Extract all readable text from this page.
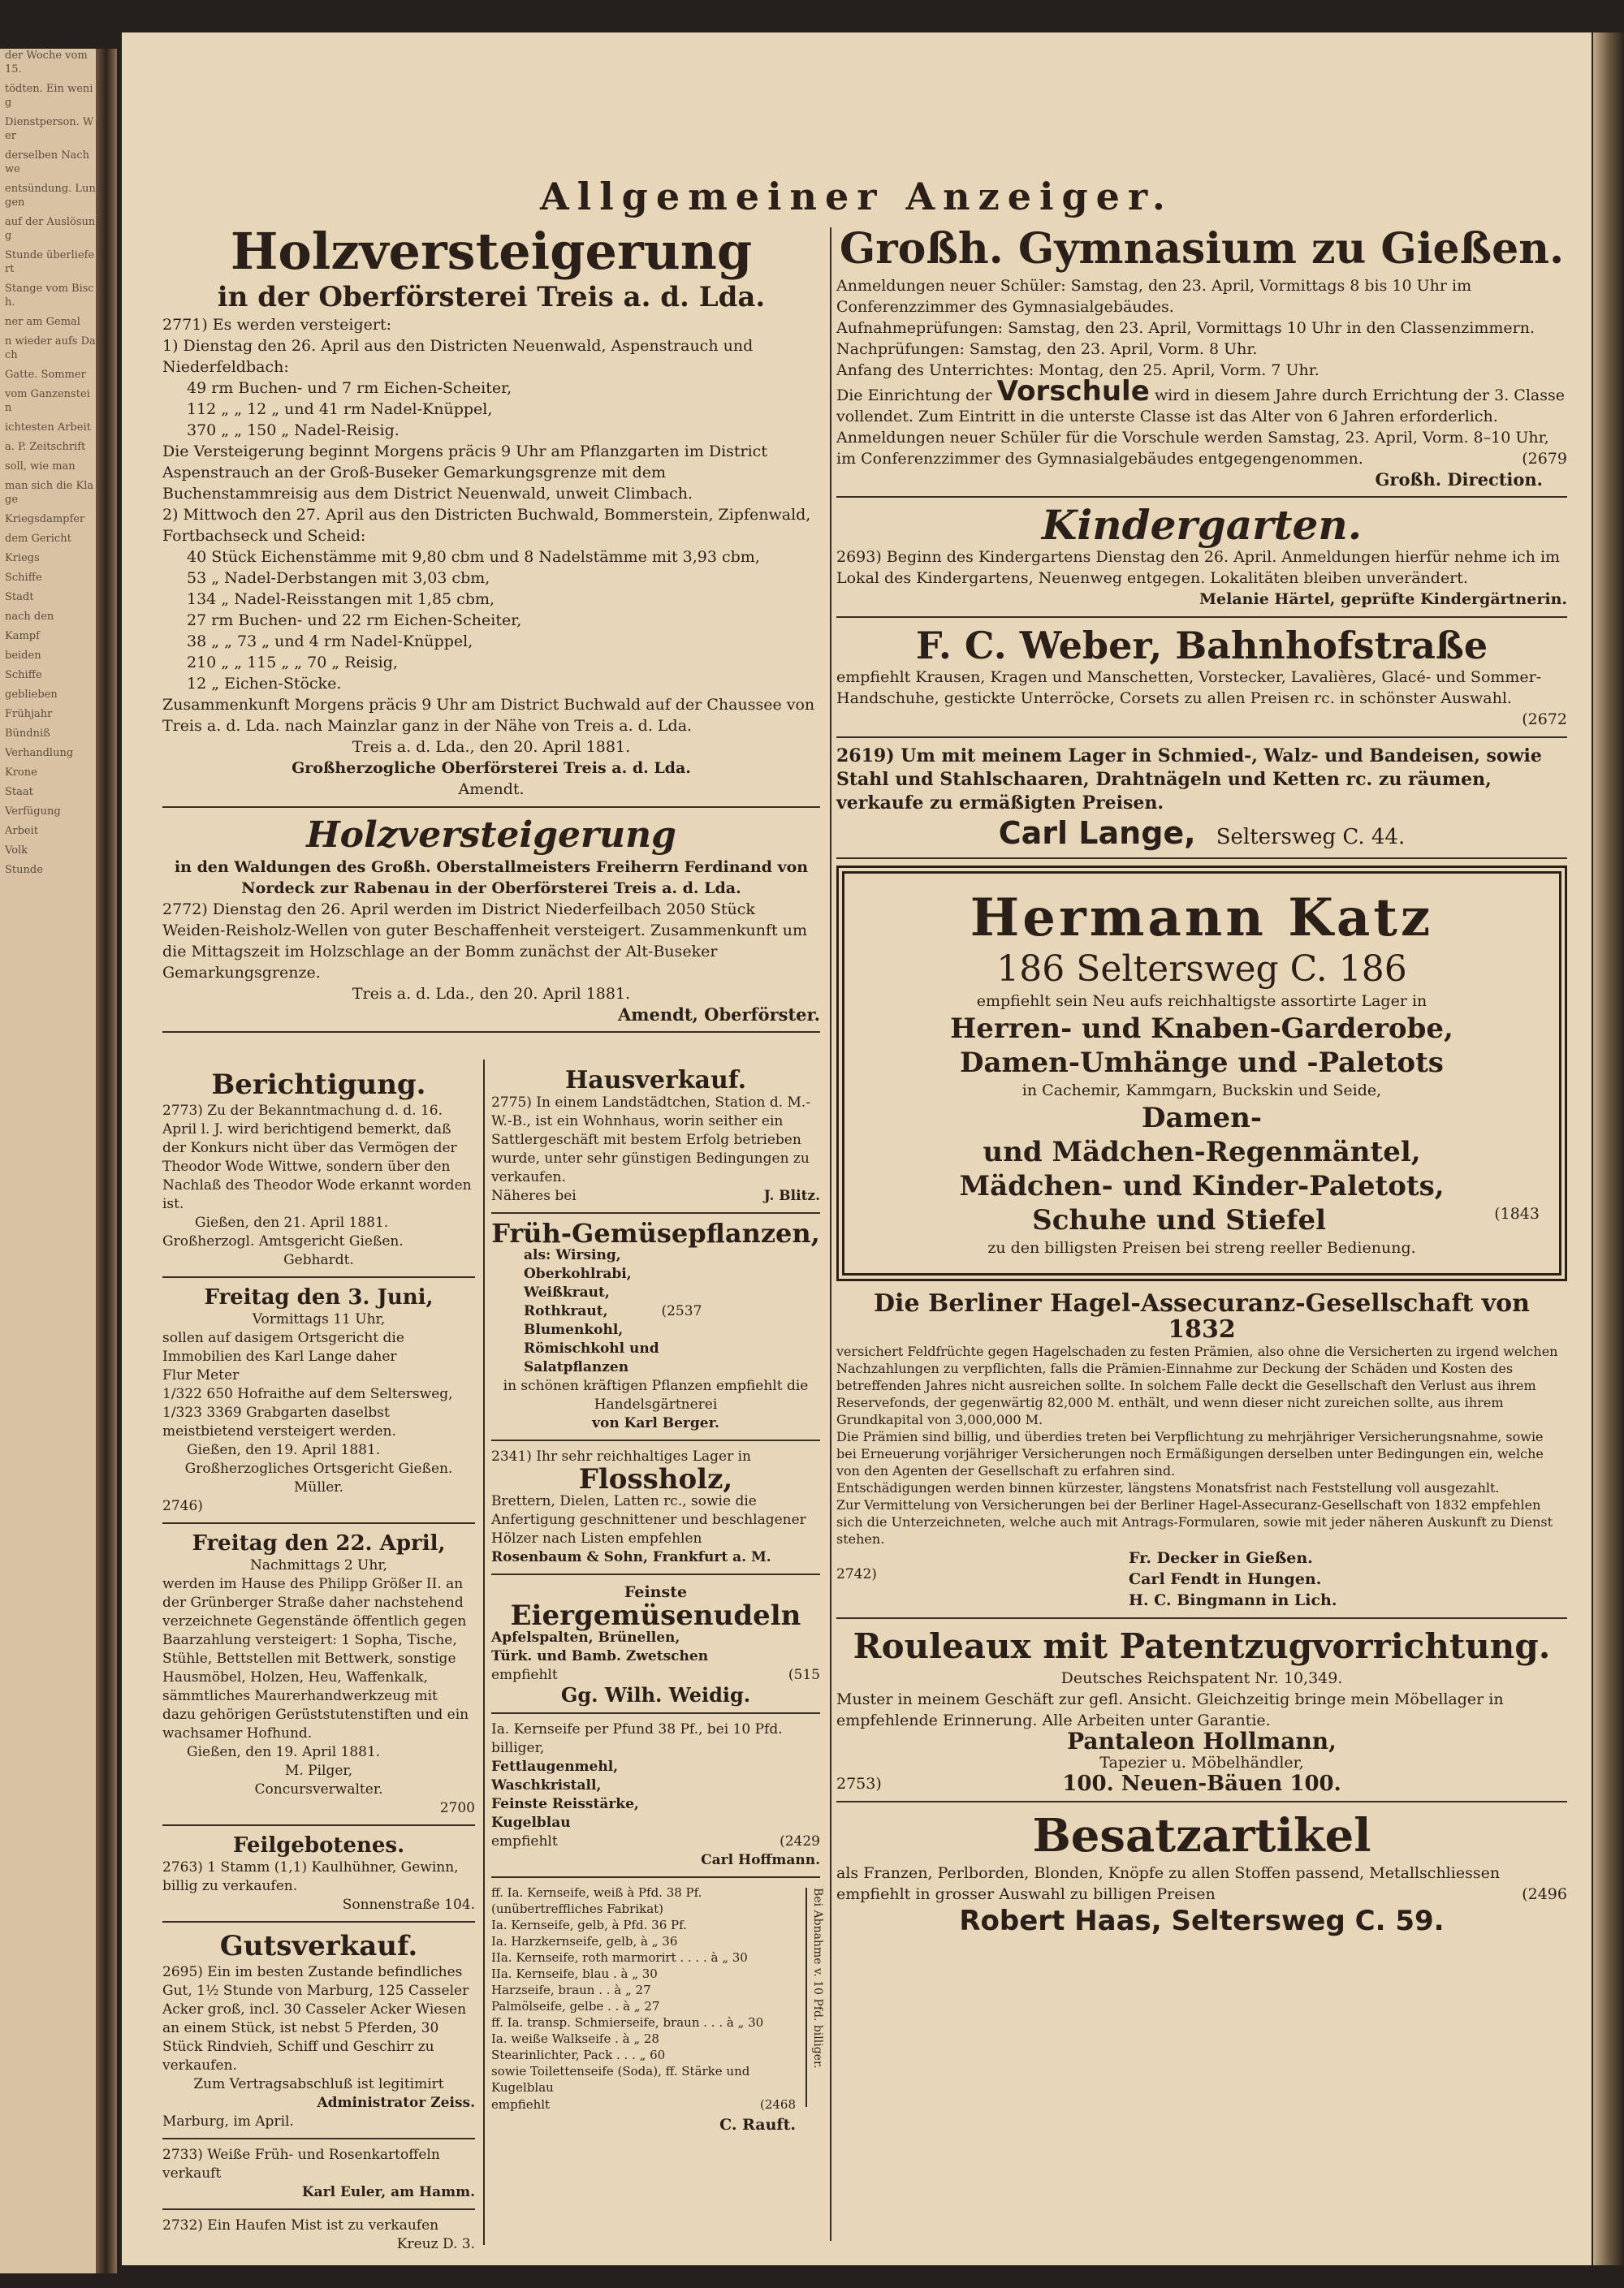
der Woche vom 15.

tödten. Ein wenig

Dienstperson. Wer

derselben Nachwe

entsündung. Lungen

auf der Auslösung

Stunde überliefert

Stange vom Bisch.

ner am Gemal

n wieder aufs Dach

Gatte. Sommer

vom Ganzenstein

ichtesten Arbeit

a. P. Zeitschrift

soll, wie man

man sich die Klage

Kriegsdampfer

dem Gericht

Kriegs

Schiffe

Stadt

nach den

Kampf

beiden

Schiffe

geblieben

Frühjahr

Bündniß

Verhandlung

Krone

Staat

Verfügung

Arbeit

Volk

Stunde

Allgemeiner Anzeiger.
Holzversteigerung
in der Oberförsterei Treis a. d. Lda.
2771) Es werden versteigert:
1) Dienstag den 26. April aus den Districten Neuenwald, Aspenstrauch und Niederfeldbach:
49 rm Buchen- und 7 rm Eichen-Scheiter,
112 „ „ 12 „ und 41 rm Nadel-Knüppel,
370 „ „ 150 „ Nadel-Reisig.
Die Versteigerung beginnt Morgens präcis 9 Uhr am Pflanzgarten im District Aspenstrauch an der Groß-Buseker Gemarkungsgrenze mit dem Buchenstammreisig aus dem District Neuenwald, unweit Climbach.
2) Mittwoch den 27. April aus den Districten Buchwald, Bommerstein, Zipfenwald, Fortbachseck und Scheid:
40 Stück Eichenstämme mit 9,80 cbm und 8 Nadelstämme mit 3,93 cbm,
53 „ Nadel-Derbstangen mit 3,03 cbm,
134 „ Nadel-Reisstangen mit 1,85 cbm,
27 rm Buchen- und 22 rm Eichen-Scheiter,
38 „ „ 73 „ und 4 rm Nadel-Knüppel,
210 „ „ 115 „ „ 70 „ Reisig,
12 „ Eichen-Stöcke.
Zusammenkunft Morgens präcis 9 Uhr am District Buchwald auf der Chaussee von Treis a. d. Lda. nach Mainzlar ganz in der Nähe von Treis a. d. Lda.
Treis a. d. Lda., den 20. April 1881.
Großherzogliche Oberförsterei Treis a. d. Lda.
Amendt.
Holzversteigerung
in den Waldungen des Großh. Oberstallmeisters Freiherrn Ferdinand von Nordeck zur Rabenau in der Oberförsterei Treis a. d. Lda.
2772) Dienstag den 26. April werden im District Niederfeilbach 2050 Stück Weiden-Reisholz-Wellen von guter Beschaffenheit versteigert. Zusammenkunft um die Mittagszeit im Holzschlage an der Bomm zunächst der Alt-Buseker Gemarkungsgrenze.
Treis a. d. Lda., den 20. April 1881.
Amendt, Oberförster.
Berichtigung.
2773) Zu der Bekanntmachung d. d. 16. April l. J. wird berichtigend bemerkt, daß der Konkurs nicht über das Vermögen der Theodor Wode Wittwe, sondern über den Nachlaß des Theodor Wode erkannt worden ist.
Gießen, den 21. April 1881.
Großherzogl. Amtsgericht Gießen.
Gebhardt.
Freitag den 3. Juni,
Vormittags 11 Uhr,
sollen auf dasigem Ortsgericht die Immobilien des Karl Lange daher
Flur Meter
1/322 650 Hofraithe auf dem Seltersweg,
1/323 3369 Grabgarten daselbst
meistbietend versteigert werden.
Gießen, den 19. April 1881.
Großherzogliches Ortsgericht Gießen.
Müller.
2746)
Freitag den 22. April,
Nachmittags 2 Uhr,
werden im Hause des Philipp Größer II. an der Grünberger Straße daher nachstehend verzeichnete Gegenstände öffentlich gegen Baarzahlung versteigert: 1 Sopha, Tische, Stühle, Bettstellen mit Bettwerk, sonstige Hausmöbel, Holzen, Heu, Waffenkalk, sämmtliches Maurerhandwerkzeug mit dazu gehörigen Gerüststutenstiften und ein wachsamer Hofhund.
Gießen, den 19. April 1881.
M. Pilger,
Concursverwalter.
2700
Feilgebotenes.
2763) 1 Stamm (1,1) Kaulhühner, Gewinn, billig zu verkaufen.
Sonnenstraße 104.
Gutsverkauf.
2695) Ein im besten Zustande befindliches Gut, 1½ Stunde von Marburg, 125 Casseler Acker groß, incl. 30 Casseler Acker Wiesen an einem Stück, ist nebst 5 Pferden, 30 Stück Rindvieh, Schiff und Geschirr zu verkaufen.
Zum Vertragsabschluß ist legitimirt
Administrator Zeiss.
Marburg, im April.
2733) Weiße Früh- und Rosenkartoffeln verkauft
Karl Euler, am Hamm.
2732) Ein Haufen Mist ist zu verkaufen
Kreuz D. 3.
Hausverkauf.
2775) In einem Landstädtchen, Station d. M.-W.-B., ist ein Wohnhaus, worin seither ein Sattlergeschäft mit bestem Erfolg betrieben wurde, unter sehr günstigen Bedingungen zu verkaufen.
Näheres bei	J. Blitz.
Früh-Gemüsepflanzen,
als: Wirsing,
Oberkohlrabi,
Weißkraut,
Rothkraut,	(2537
Blumenkohl,
Römischkohl und
Salatpflanzen
in schönen kräftigen Pflanzen empfiehlt die Handelsgärtnerei
von Karl Berger.
2341) Ihr sehr reichhaltiges Lager in
Flossholz,
Brettern, Dielen, Latten rc., sowie die Anfertigung geschnittener und beschlagener Hölzer nach Listen empfehlen
Rosenbaum & Sohn, Frankfurt a. M.
Feinste
Eiergemüsenudeln
Apfelspalten, Brünellen,
Türk. und Bamb. Zwetschen
empfiehlt	(515
Gg. Wilh. Weidig.
Ia. Kernseife per Pfund 38 Pf., bei 10 Pfd. billiger,
Fettlaugenmehl,
Waschkristall,
Feinste Reisstärke,
Kugelblau
empfiehlt	(2429
Carl Hoffmann.
ff. Ia. Kernseife, weiß à Pfd. 38 Pf.
(unübertreffliches Fabrikat)
Ia. Kernseife, gelb, à Pfd. 36 Pf.
Ia. Harzkernseife, gelb, à „ 36
IIa. Kernseife, roth marmorirt . . . . à „ 30
IIa. Kernseife, blau . à „ 30
Harzseife, braun . . à „ 27
Palmölseife, gelbe . . à „ 27
ff. Ia. transp. Schmierseife, braun . . . à „ 30
Ia. weiße Walkseife . à „ 28
Stearinlichter, Pack . . . „ 60
sowie Toilettenseife (Soda), ff. Stärke und Kugelblau
empfiehlt	(2468
C. Rauft.
Bei Abnahme v. 10 Pfd. billiger.
Großh. Gymnasium zu Gießen.
Anmeldungen neuer Schüler: Samstag, den 23. April, Vormittags 8 bis 10 Uhr im Conferenzzimmer des Gymnasialgebäudes.
Aufnahmeprüfungen: Samstag, den 23. April, Vormittags 10 Uhr in den Classenzimmern.
Nachprüfungen: Samstag, den 23. April, Vorm. 8 Uhr.
Anfang des Unterrichtes: Montag, den 25. April, Vorm. 7 Uhr.
Die Einrichtung der Vorschule wird in diesem Jahre durch Errichtung der 3. Classe vollendet. Zum Eintritt in die unterste Classe ist das Alter von 6 Jahren erforderlich. Anmeldungen neuer Schüler für die Vorschule werden Samstag, 23. April, Vorm. 8–10 Uhr, im Conferenzzimmer des Gymnasialgebäudes entgegengenommen.	(2679
Großh. Direction.
Kindergarten.
2693) Beginn des Kindergartens Dienstag den 26. April. Anmeldungen hierfür nehme ich im Lokal des Kindergartens, Neuenweg entgegen. Lokalitäten bleiben unverändert.
Melanie Härtel, geprüfte Kindergärtnerin.
F. C. Weber, Bahnhofstraße
empfiehlt Krausen, Kragen und Manschetten, Vorstecker, Lavalières, Glacé- und Sommer-Handschuhe, gestickte Unterröcke, Corsets zu allen Preisen rc. in schönster Auswahl.
(2672
2619) Um mit meinem Lager in Schmied-, Walz- und Bandeisen, sowie Stahl und Stahlschaaren, Drahtnägeln und Ketten rc. zu räumen, verkaufe zu ermäßigten Preisen.
Carl Lange, Seltersweg C. 44.
Hermann Katz
186 Seltersweg C. 186
empfiehlt sein Neu aufs reichhaltigste assortirte Lager in
Herren- und Knaben-Garderobe,
Damen-Umhänge und -Paletots
in Cachemir, Kammgarn, Buckskin und Seide,
Damen-
und Mädchen-Regenmäntel,
Mädchen- und Kinder-Paletots,
Schuhe und Stiefel	(1843
zu den billigsten Preisen bei streng reeller Bedienung.
Die Berliner Hagel-Assecuranz-Gesellschaft von 1832
versichert Feldfrüchte gegen Hagelschaden zu festen Prämien, also ohne die Versicherten zu irgend welchen Nachzahlungen zu verpflichten, falls die Prämien-Einnahme zur Deckung der Schäden und Kosten des betreffenden Jahres nicht ausreichen sollte. In solchem Falle deckt die Gesellschaft den Verlust aus ihrem Reservefonds, der gegenwärtig 82,000 M. enthält, und wenn dieser nicht zureichen sollte, aus ihrem Grundkapital von 3,000,000 M.
Die Prämien sind billig, und überdies treten bei Verpflichtung zu mehrjähriger Versicherungsnahme, sowie bei Erneuerung vorjähriger Versicherungen noch Ermäßigungen derselben unter Bedingungen ein, welche von den Agenten der Gesellschaft zu erfahren sind.
Entschädigungen werden binnen kürzester, längstens Monatsfrist nach Feststellung voll ausgezahlt.
Zur Vermittelung von Versicherungen bei der Berliner Hagel-Assecuranz-Gesellschaft von 1832 empfehlen sich die Unterzeichneten, welche auch mit Antrags-Formularen, sowie mit jeder näheren Auskunft zu Dienst stehen.
2742)
Fr. Decker in Gießen.
Carl Fendt in Hungen.
H. C. Bingmann in Lich.
Rouleaux mit Patentzugvorrichtung.
Deutsches Reichspatent Nr. 10,349.
Muster in meinem Geschäft zur gefl. Ansicht. Gleichzeitig bringe mein Möbellager in empfehlende Erinnerung. Alle Arbeiten unter Garantie.
Pantaleon Hollmann,
Tapezier u. Möbelhändler,
2753)	100. Neuen-Bäuen 100.
Besatzartikel
als Franzen, Perlborden, Blonden, Knöpfe zu allen Stoffen passend, Metallschliessen empfiehlt in grosser Auswahl zu billigen Preisen	(2496
Robert Haas, Seltersweg C. 59.
